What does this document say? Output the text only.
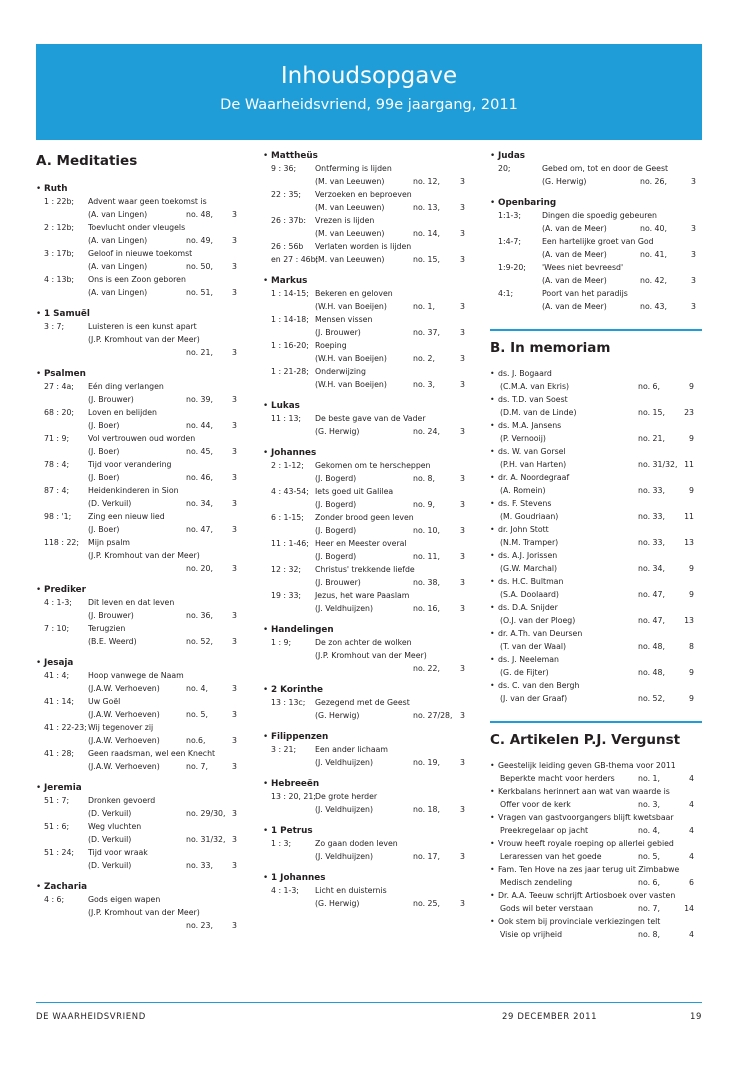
Inhoudsopgave
De Waarheidsvriend, 99e jaargang, 2011
A. Meditaties
• Ruth
1 : 22b; Advent waar geen toekomst is
(A. van Lingen)	no. 48, 3
2 : 12b; Toevlucht onder vleugels
(A. van Lingen)	no. 49, 3
3 : 17b; Geloof in nieuwe toekomst
(A. van Lingen)	no. 50, 3
4 : 13b; Ons is een Zoon geboren
(A. van Lingen)	no. 51, 3
• 1 Samuël
3 : 7;	Luisteren is een kunst apart
(J.P. Kromhout van der Meer)
no. 21, 3
• Psalmen
27 : 4a; Eén ding verlangen
(J. Brouwer)	no. 39, 3
68 : 20; Loven en belijden
(J. Boer)	no. 44, 3
71 : 9; Vol vertrouwen oud worden
(J. Boer)	no. 45, 3
78 : 4; Tijd voor verandering
(J. Boer)	no. 46, 3
87 : 4; Heidenkinderen in Sion
(D. Verkuil)	no. 34, 3
98 : '1; Zing een nieuw lied
(J. Boer)	no. 47, 3
118 : 22; Mijn psalm
(J.P. Kromhout van der Meer)
no. 20, 3
• Prediker
4 : 1-3; Dit leven en dat leven
(J. Brouwer)	no. 36, 3
7 : 10; Terugzien
(B.E. Weerd)	no. 52, 3
• Jesaja
41 : 4; Hoop vanwege de Naam
(J.A.W. Verhoeven)	no. 4,	3
41 : 14; Uw Goël
(J.A.W. Verhoeven)	no. 5,	3
41 : 22-23; Wij tegenover zij
(J.A.W. Verhoeven)	no.6,	3
41 : 28; Geen raadsman, wel een Knecht
(J.A.W. Verhoeven)	no. 7,	3
• Jeremia
51 : 7; Dronken gevoerd
(D. Verkuil)	no. 29/30, 3
51 : 6; Weg vluchten
(D. Verkuil)	no. 31/32, 3
51 : 24; Tijd voor wraak
(D. Verkuil)	no. 33, 3
• Zacharia
4 : 6;	Gods eigen wapen
(J.P. Kromhout van der Meer)
no. 23, 3
• Mattheüs
9 : 36; Ontferming is lijden
(M. van Leeuwen)	no. 12,	3
22 : 35; Verzoeken en beproeven
(M. van Leeuwen)	no. 13,	3
26 : 37b: Vrezen is lijden
(M. van Leeuwen)	no. 14,	3
26 : 56b Verlaten worden is lijden
en 27 : 46b:
(M. van Leeuwen)	no. 15,	3
• Markus
1 : 14-15; Bekeren en geloven
(W.H. van Boeijen)	no. 1,	3
1 : 14-18; Mensen vissen
(J. Brouwer)	no. 37,	3
1 : 16-20; Roeping
(W.H. van Boeijen)	no. 2,	3
1 : 21-28; Onderwijzing
(W.H. van Boeijen)	no. 3,	3
• Lukas
11 : 13; De beste gave van de Vader
(G. Herwig)	no. 24,	3
• Johannes
2 : 1-12; Gekomen om te herscheppen
(J. Bogerd)	no. 8,	3
4 : 43-54; Iets goed uit Galilea
(J. Bogerd)	no. 9,	3
6 : 1-15; Zonder brood geen leven
(J. Bogerd)	no. 10,	3
11 : 1-46; Heer en Meester overal
(J. Bogerd)	no. 11,	3
12 : 32; Christus' trekkende liefde
(J. Brouwer)	no. 38,	3
19 : 33; Jezus, het ware Paaslam
(J. Veldhuijzen)	no. 16,	3
• Handelingen
1 : 9;	De zon achter de wolken
(J.P. Kromhout van der Meer)
no. 22,	3
• 2 Korinthe
13 : 13c; Gezegend met de Geest
(G. Herwig)	no. 27/28, 3
• Filippenzen
3 : 21; Een ander lichaam
(J. Veldhuijzen)	no. 19,	3
• Hebreeën
13 : 20, 21; De grote herder
(J. Veldhuijzen)	no. 18,	3
• 1 Petrus
1 : 3;	Zo gaan doden leven
(J. Veldhuijzen)	no. 17,	3
• 1 Johannes
4 : 1-3; Licht en duisternis
(G. Herwig)	no. 25,	3
• Judas
20;	Gebed om, tot en door de Geest
(G. Herwig)	no. 26,	3
• Openbaring
1:1-3;	Dingen die spoedig gebeuren
(A. van de Meer)	no. 40,	3
1:4-7;	Een hartelijke groet van God
(A. van de Meer)	no. 41,	3
1:9-20; 'Wees niet bevreesd'
(A. van de Meer)	no. 42,	3
4:1;	Poort van het paradijs
(A. van de Meer)	no. 43,	3
B. In memoriam
• ds. J. Bogaard
(C.M.A. van Ekris)	no. 6,	9
• ds. T.D. van Soest
(D.M. van de Linde)	no. 15, 23
• ds. M.A. Jansens
(P. Vernooij)	no. 21,	9
• ds. W. van Gorsel
(P.H. van Harten)	no. 31/32, 11
• dr. A. Noordegraaf
(A. Romein)	no. 33,	9
• ds. F. Stevens
(M. Goudriaan)	no. 33, 11
• dr. John Stott
(N.M. Tramper)	no. 33, 13
• ds. A.J. Jorissen
(G.W. Marchal)	no. 34,	9
• ds. H.C. Bultman
(S.A. Doolaard)	no. 47,	9
• ds. D.A. Snijder
(O.J. van der Ploeg)	no. 47, 13
• dr. A.Th. van Deursen
(T. van der Waal)	no. 48,	8
• ds. J. Neeleman
(G. de Fijter)	no. 48,	9
• ds. C. van den Bergh
(J. van der Graaf)	no. 52,	9
C. Artikelen P.J. Vergunst
• Geestelijk leiding geven GB-thema voor 2011
Beperkte macht voor herders	no. 1,	4
• Kerkbalans herinnert aan wat van waarde is
Offer voor de kerk	no. 3,	4
• Vragen van gastvoorgangers blijft kwetsbaar
Preekregelaar op jacht	no. 4,	4
• Vrouw heeft royale roeping op allerlei gebied
Leraressen van het goede	no. 5,	4
• Fam. Ten Hove na zes jaar terug uit Zimbabwe
Medisch zendeling	no. 6,	6
• Dr. A.A. Teeuw schrijft Artiosboek over vasten
Gods wil beter verstaan	no. 7,	14
• Ook stem bij provinciale verkiezingen telt
Visie op vrijheid	no. 8,	4
DE WAARHEIDSVRIEND	29 DECEMBER 2011	19
